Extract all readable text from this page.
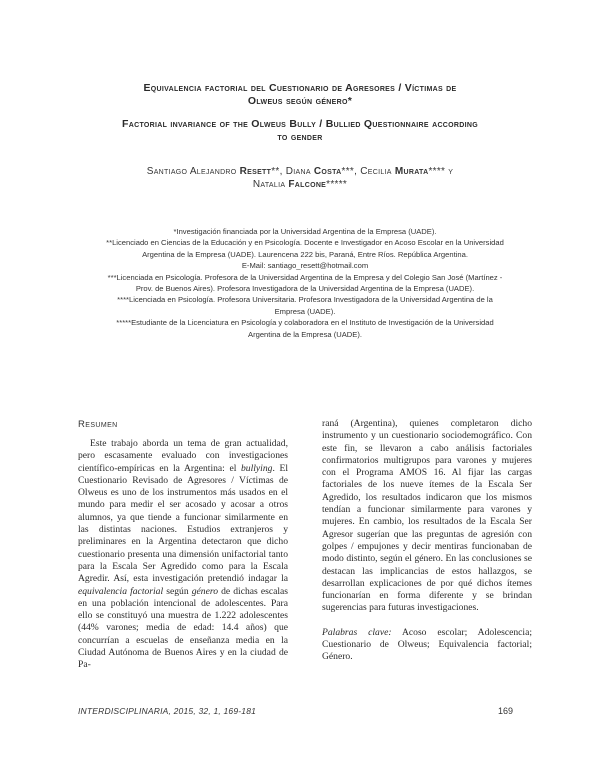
Equivalencia factorial del Cuestionario de Agresores / Víctimas de
Olweus según género*
Factorial invariance of the Olweus Bully / Bullied Questionnaire according
to gender
Santiago Alejandro Resett**, Diana Costa***, Cecilia Murata**** y
Natalia Falcone*****
*Investigación financiada por la Universidad Argentina de la Empresa (UADE).
**Licenciado en Ciencias de la Educación y en Psicología. Docente e Investigador en Acoso Escolar en la Universidad
Argentina de la Empresa (UADE). Laurencena 222 bis, Paraná, Entre Ríos. República Argentina.
E-Mail: santiago_resett@hotmail.com
***Licenciada en Psicología. Profesora de la Universidad Argentina de la Empresa y del Colegio San José (Martínez -
Prov. de Buenos Aires). Profesora Investigadora de la Universidad Argentina de la Empresa (UADE).
****Licenciada en Psicología. Profesora Universitaria. Profesora Investigadora de la Universidad Argentina de la
Empresa (UADE).
*****Estudiante de la Licenciatura en Psicología y colaboradora en el Instituto de Investigación de la Universidad
Argentina de la Empresa (UADE).
Resumen

Este trabajo aborda un tema de gran actualidad, pero escasamente evaluado con investigaciones científico-empíricas en la Argentina: el bullying. El Cuestionario Revisado de Agresores / Víctimas de Olweus es uno de los instrumentos más usados en el mundo para medir el ser acosado y acosar a otros alumnos, ya que tiende a funcionar similarmente en las distintas naciones. Estudios extranjeros y preliminares en la Argentina detectaron que dicho cuestionario presenta una dimensión unifactorial tanto para la Escala Ser Agredido como para la Escala Agredir. Así, esta investigación pretendió indagar la equivalencia factorial según género de dichas escalas en una población intencional de adolescentes. Para ello se constituyó una muestra de 1.222 adolescentes (44% varones; media de edad: 14.4 años) que concurrían a escuelas de enseñanza media en la Ciudad Autónoma de Buenos Aires y en la ciudad de Pa-

raná (Argentina), quienes completaron dicho instrumento y un cuestionario sociodemográfico. Con este fin, se llevaron a cabo análisis factoriales confirmatorios multigrupos para varones y mujeres con el Programa AMOS 16. Al fijar las cargas factoriales de los nueve ítemes de la Escala Ser Agredido, los resultados indicaron que los mismos tendían a funcionar similarmente para varones y mujeres. En cambio, los resultados de la Escala Ser Agresor sugerían que las preguntas de agresión con golpes / empujones y decir mentiras funcionaban de modo distinto, según el género. En las conclusiones se destacan las implicancias de estos hallazgos, se desarrollan explicaciones de por qué dichos ítemes funcionarían en forma diferente y se brindan sugerencias para futuras investigaciones.

Palabras clave: Acoso escolar; Adolescencia; Cuestionario de Olweus; Equivalencia factorial; Género.

INTERDISCIPLINARIA, 2015, 32, 1, 169-181	169
